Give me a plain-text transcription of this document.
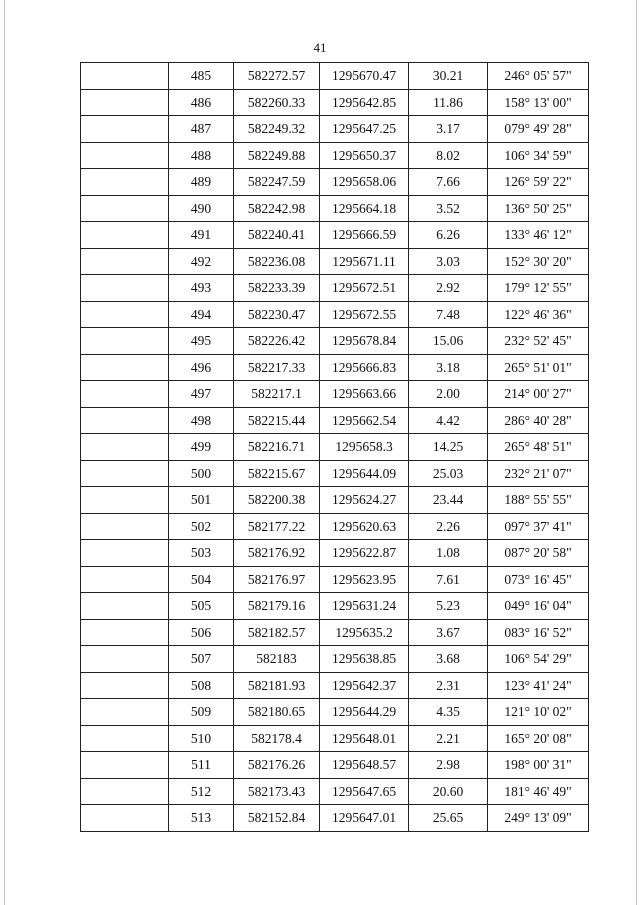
41
	485	582272.57	1295670.47	30.21	246° 05' 57"
	486	582260.33	1295642.85	11.86	158° 13' 00"
	487	582249.32	1295647.25	3.17	079° 49' 28"
	488	582249.88	1295650.37	8.02	106° 34' 59"
	489	582247.59	1295658.06	7.66	126° 59' 22"
	490	582242.98	1295664.18	3.52	136° 50' 25"
	491	582240.41	1295666.59	6.26	133° 46' 12"
	492	582236.08	1295671.11	3.03	152° 30' 20"
	493	582233.39	1295672.51	2.92	179° 12' 55"
	494	582230.47	1295672.55	7.48	122° 46' 36"
	495	582226.42	1295678.84	15.06	232° 52' 45"
	496	582217.33	1295666.83	3.18	265° 51' 01"
	497	582217.1	1295663.66	2.00	214° 00' 27"
	498	582215.44	1295662.54	4.42	286° 40' 28"
	499	582216.71	1295658.3	14.25	265° 48' 51"
	500	582215.67	1295644.09	25.03	232° 21' 07"
	501	582200.38	1295624.27	23.44	188° 55' 55"
	502	582177.22	1295620.63	2.26	097° 37' 41"
	503	582176.92	1295622.87	1.08	087° 20' 58"
	504	582176.97	1295623.95	7.61	073° 16' 45"
	505	582179.16	1295631.24	5.23	049° 16' 04"
	506	582182.57	1295635.2	3.67	083° 16' 52"
	507	582183	1295638.85	3.68	106° 54' 29"
	508	582181.93	1295642.37	2.31	123° 41' 24"
	509	582180.65	1295644.29	4.35	121° 10' 02"
	510	582178.4	1295648.01	2.21	165° 20' 08"
	511	582176.26	1295648.57	2.98	198° 00' 31"
	512	582173.43	1295647.65	20.60	181° 46' 49"
	513	582152.84	1295647.01	25.65	249° 13' 09"
